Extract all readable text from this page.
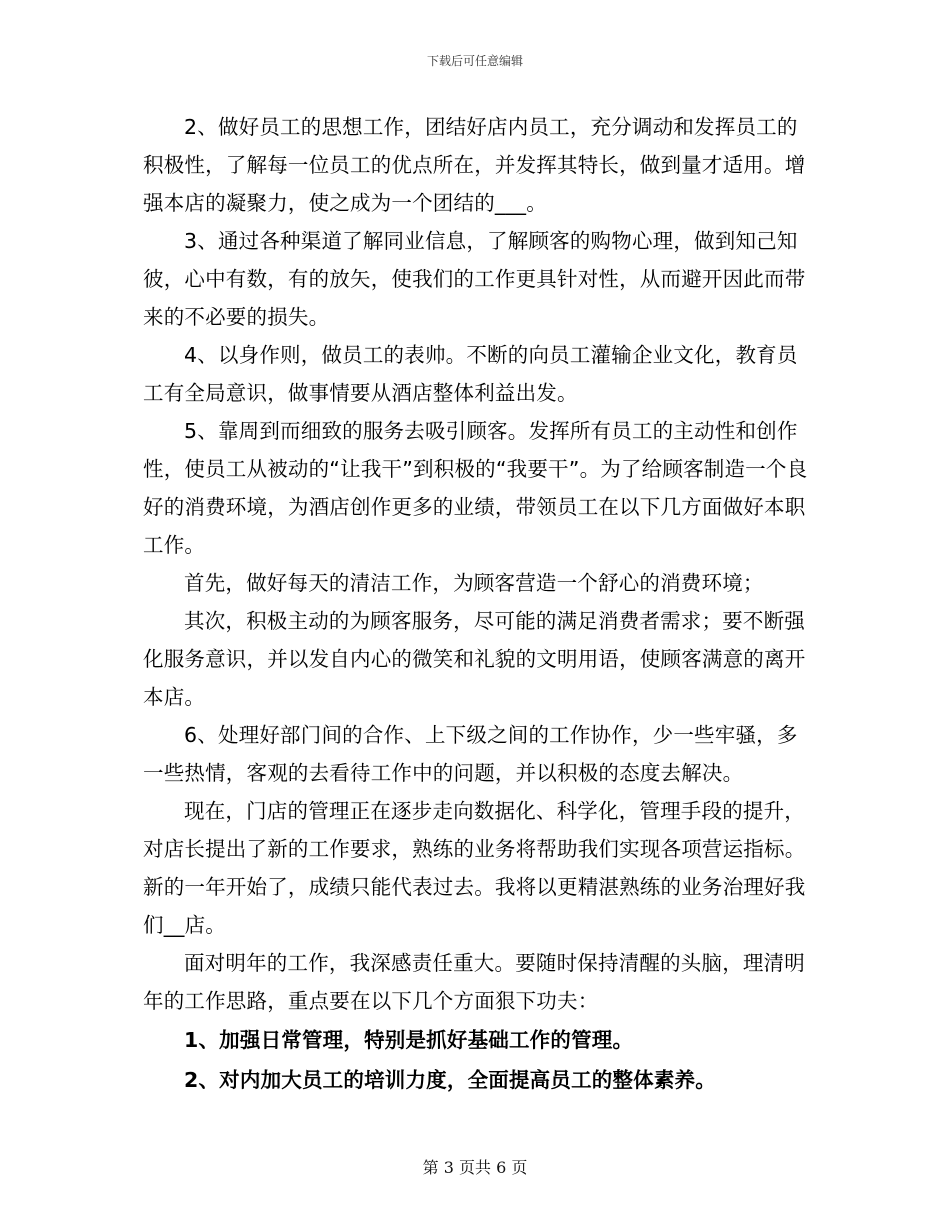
下载后可任意编辑

2、做好员工的思想工作，团结好店内员工，充分调动和发挥员工的积极性，了解每一位员工的优点所在，并发挥其特长，做到量才适用。增强本店的凝聚力，使之成为一个团结的___。

3、通过各种渠道了解同业信息，了解顾客的购物心理，做到知己知彼，心中有数，有的放矢，使我们的工作更具针对性，从而避开因此而带来的不必要的损失。

4、以身作则，做员工的表帅。不断的向员工灌输企业文化，教育员工有全局意识，做事情要从酒店整体利益出发。

5、靠周到而细致的服务去吸引顾客。发挥所有员工的主动性和创作性，使员工从被动的“让我干”到积极的“我要干”。为了给顾客制造一个良好的消费环境，为酒店创作更多的业绩，带领员工在以下几方面做好本职工作。

首先，做好每天的清洁工作，为顾客营造一个舒心的消费环境；

其次，积极主动的为顾客服务，尽可能的满足消费者需求；要不断强化服务意识，并以发自内心的微笑和礼貌的文明用语，使顾客满意的离开本店。

6、处理好部门间的合作、上下级之间的工作协作，少一些牢骚，多一些热情，客观的去看待工作中的问题，并以积极的态度去解决。

现在，门店的管理正在逐步走向数据化、科学化，管理手段的提升，对店长提出了新的工作要求，熟练的业务将帮助我们实现各项营运指标。新的一年开始了，成绩只能代表过去。我将以更精湛熟练的业务治理好我们__店。

面对明年的工作，我深感责任重大。要随时保持清醒的头脑，理清明年的工作思路，重点要在以下几个方面狠下功夫：

1、加强日常管理，特别是抓好基础工作的管理。

2、对内加大员工的培训力度，全面提高员工的整体素养。

第 3 页共 6 页
